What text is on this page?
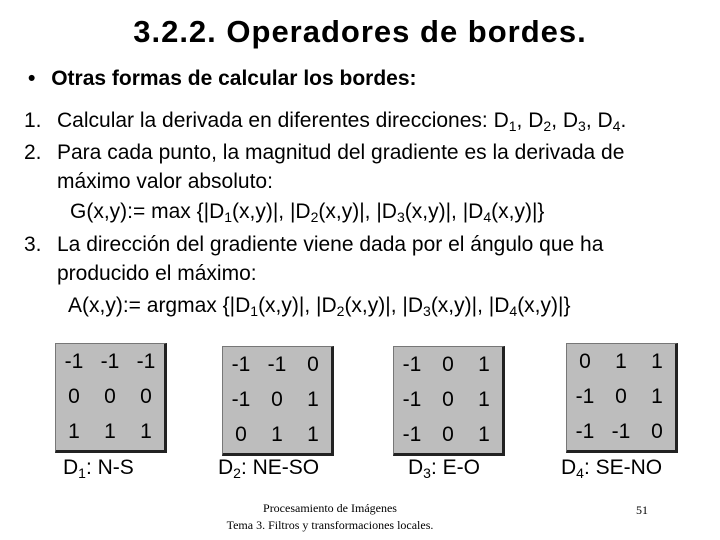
3.2.2. Operadores de bordes.
• Otras formas de calcular los bordes:
1. Calcular la derivada en diferentes direcciones: $D_1$, $D_2$, $D_3$, $D_4$.
2. Para cada punto, la magnitud del gradiente es la derivada de
máximo valor absoluto:
G(x,y):= $\max \{|D_1(x,y)|$, $|D_2(x,y)|$, $|D_3(x,y)|$, $|D_4(x,y)|$}
3. La dirección del gradiente viene dada por el ángulo que ha
producido el máximo:
A(x,y):= argmax {$|D_1(x,y)|$, $|D_2(x,y)|$, $|D_3(x,y)|$, $|D_4(x,y)|$}
-1 -1 -1
0	0	0
1	1	1
-1 -1 0
-1 0	1
0	1	1
-1 0	1
-1 0	1
-1 0	1
0	1	1
-1 0	1
-1 -1 0
$D_1$: N-S	$D_2$: NE-SO	$D_3$: E-O	$D_4$: SE-NO
Procesamiento de Imágenes
Tema 3. Filtros y transformaciones locales.
51
